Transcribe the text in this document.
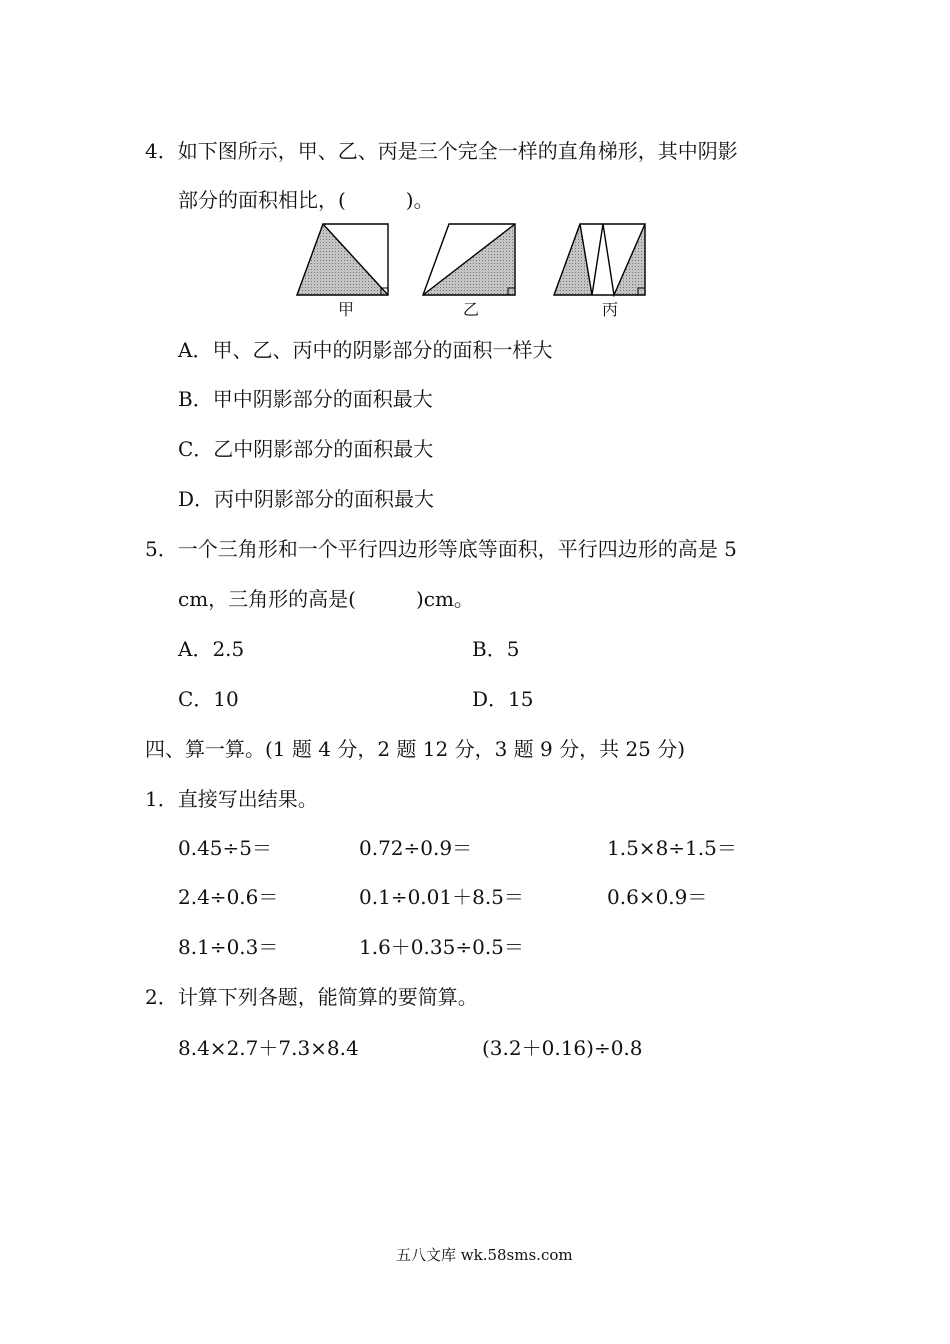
4．如下图所示，甲、乙、丙是三个完全一样的直角梯形，其中阴影
部分的面积相比，(　　　)。
甲	乙	丙
A．甲、乙、丙中的阴影部分的面积一样大
B．甲中阴影部分的面积最大
C．乙中阴影部分的面积最大
D．丙中阴影部分的面积最大
5．一个三角形和一个平行四边形等底等面积，平行四边形的高是 5
cm，三角形的高是(　　　)cm。
A．2.5	B．5
C．10	D．15
四、算一算。(1 题 4 分，2 题 12 分，3 题 9 分，共 25 分)
1．直接写出结果。
0.45÷5＝	0.72÷0.9＝	1.5×8÷1.5＝
2.4÷0.6＝	0.1÷0.01＋8.5＝	0.6×0.9＝
8.1÷0.3＝	1.6＋0.35÷0.5＝
2．计算下列各题，能简算的要简算。
8.4×2.7＋7.3×8.4	(3.2＋0.16)÷0.8
五八文库 wk.58sms.com
